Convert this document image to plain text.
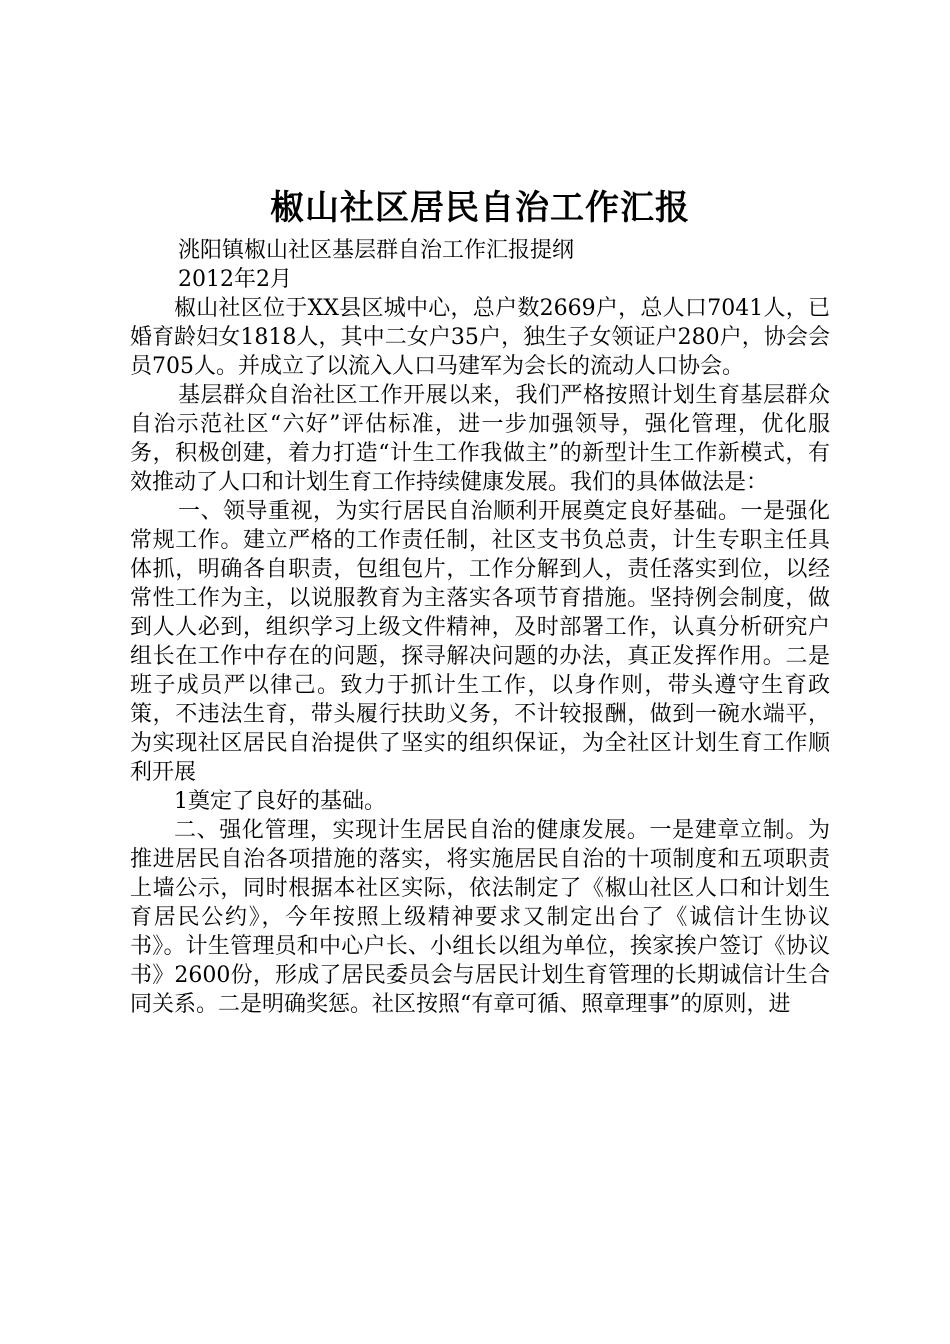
椒山社区居民自治工作汇报

洮阳镇椒山社区基层群自治工作汇报提纲

2012年2月

椒山社区位于XX县区城中心，总户数2669户，总人口7041人，已婚育龄妇女1818人，其中二女户35户，独生子女领证户280户，协会会员705人。并成立了以流入人口马建军为会长的流动人口协会。

基层群众自治社区工作开展以来，我们严格按照计划生育基层群众自治示范社区“六好”评估标准，进一步加强领导，强化管理，优化服务，积极创建，着力打造“计生工作我做主”的新型计生工作新模式，有效推动了人口和计划生育工作持续健康发展。我们的具体做法是：

一、领导重视，为实行居民自治顺利开展奠定良好基础。一是强化常规工作。建立严格的工作责任制，社区支书负总责，计生专职主任具体抓，明确各自职责，包组包片，工作分解到人，责任落实到位，以经常性工作为主，以说服教育为主落实各项节育措施。坚持例会制度，做到人人必到，组织学习上级文件精神，及时部署工作，认真分析研究户组长在工作中存在的问题，探寻解决问题的办法，真正发挥作用。二是班子成员严以律己。致力于抓计生工作，以身作则，带头遵守生育政策，不违法生育，带头履行扶助义务，不计较报酬，做到一碗水端平，为实现社区居民自治提供了坚实的组织保证，为全社区计划生育工作顺利开展

1奠定了良好的基础。

二、强化管理，实现计生居民自治的健康发展。一是建章立制。为推进居民自治各项措施的落实，将实施居民自治的十项制度和五项职责上墙公示，同时根据本社区实际，依法制定了《椒山社区人口和计划生育居民公约》，今年按照上级精神要求又制定出台了《诚信计生协议书》。计生管理员和中心户长、小组长以组为单位，挨家挨户签订《协议书》2600份，形成了居民委员会与居民计划生育管理的长期诚信计生合同关系。二是明确奖惩。社区按照“有章可循、照章理事”的原则，进
